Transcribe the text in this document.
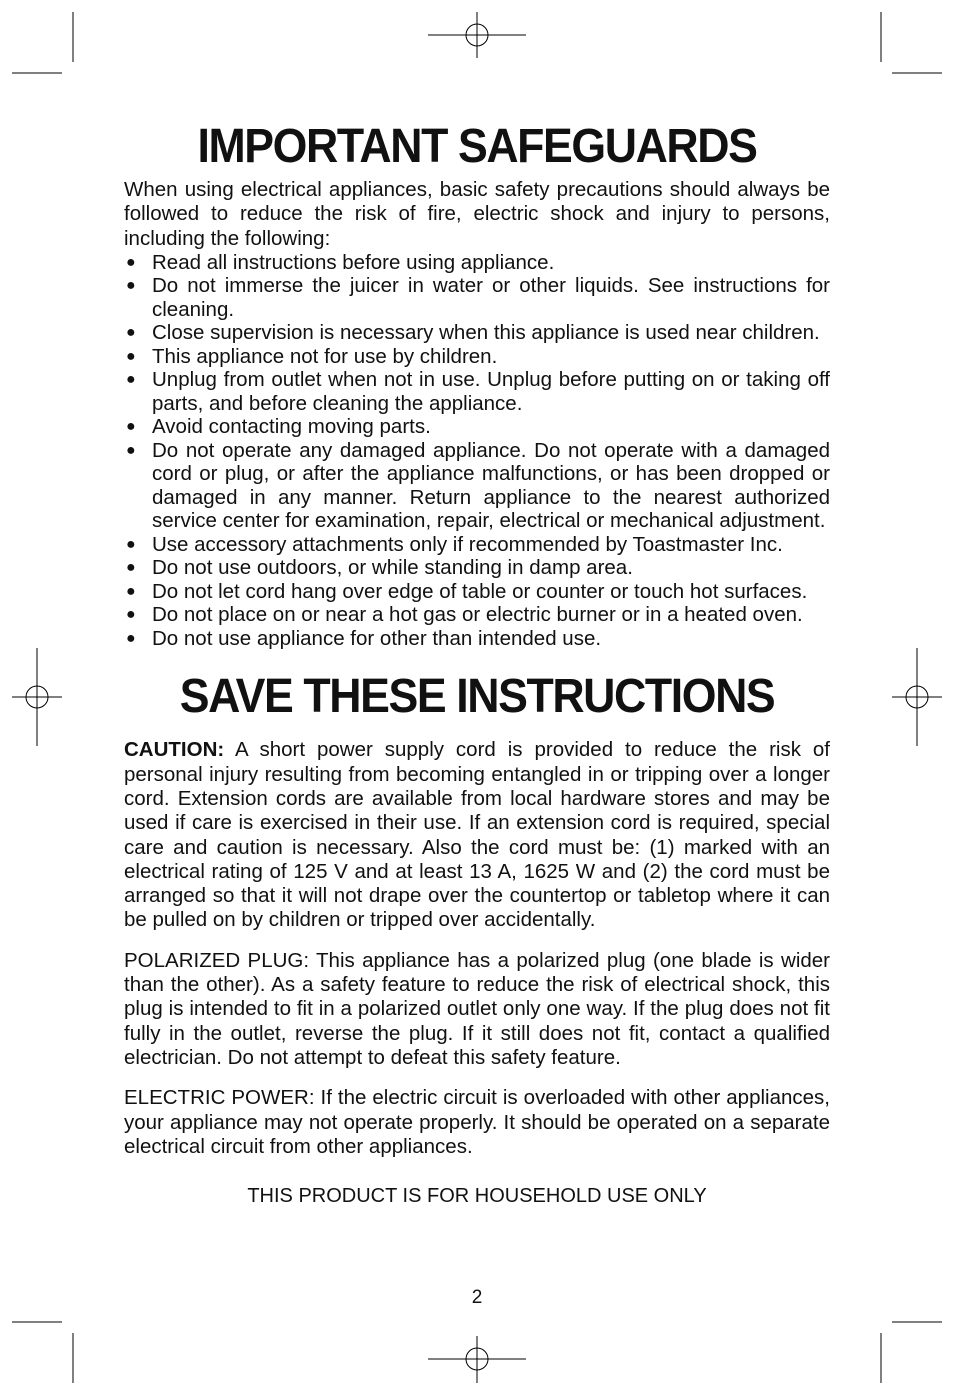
IMPORTANT SAFEGUARDS

When using electrical appliances, basic safety precautions should always be followed to reduce the risk of fire, electric shock and injury to persons, including the following:

● Read all instructions before using appliance.
● Do not immerse the juicer in water or other liquids. See instructions for cleaning.
● Close supervision is necessary when this appliance is used near children.
● This appliance not for use by children.
● Unplug from outlet when not in use. Unplug before putting on or taking off parts, and before cleaning the appliance.
● Avoid contacting moving parts.
● Do not operate any damaged appliance. Do not operate with a damaged cord or plug, or after the appliance malfunctions, or has been dropped or damaged in any manner. Return appliance to the nearest authorized service center for examination, repair, electrical or mechanical adjustment.
● Use accessory attachments only if recommended by Toastmaster Inc.
● Do not use outdoors, or while standing in damp area.
● Do not let cord hang over edge of table or counter or touch hot surfaces.
● Do not place on or near a hot gas or electric burner or in a heated oven.
● Do not use appliance for other than intended use.
SAVE THESE INSTRUCTIONS

CAUTION: A short power supply cord is provided to reduce the risk of personal injury resulting from becoming entangled in or tripping over a longer cord. Extension cords are available from local hardware stores and may be used if care is exercised in their use. If an extension cord is required, special care and caution is necessary. Also the cord must be: (1) marked with an electrical rating of 125 V and at least 13 A, 1625 W and (2) the cord must be arranged so that it will not drape over the countertop or tabletop where it can be pulled on by children or tripped over accidentally.

POLARIZED PLUG: This appliance has a polarized plug (one blade is wider than the other). As a safety feature to reduce the risk of electrical shock, this plug is intended to fit in a polarized outlet only one way. If the plug does not fit fully in the outlet, reverse the plug. If it still does not fit, contact a qualified electrician. Do not attempt to defeat this safety feature.

ELECTRIC POWER: If the electric circuit is overloaded with other appliances, your appliance may not operate properly. It should be operated on a separate electrical circuit from other appliances.

THIS PRODUCT IS FOR HOUSEHOLD USE ONLY

2
